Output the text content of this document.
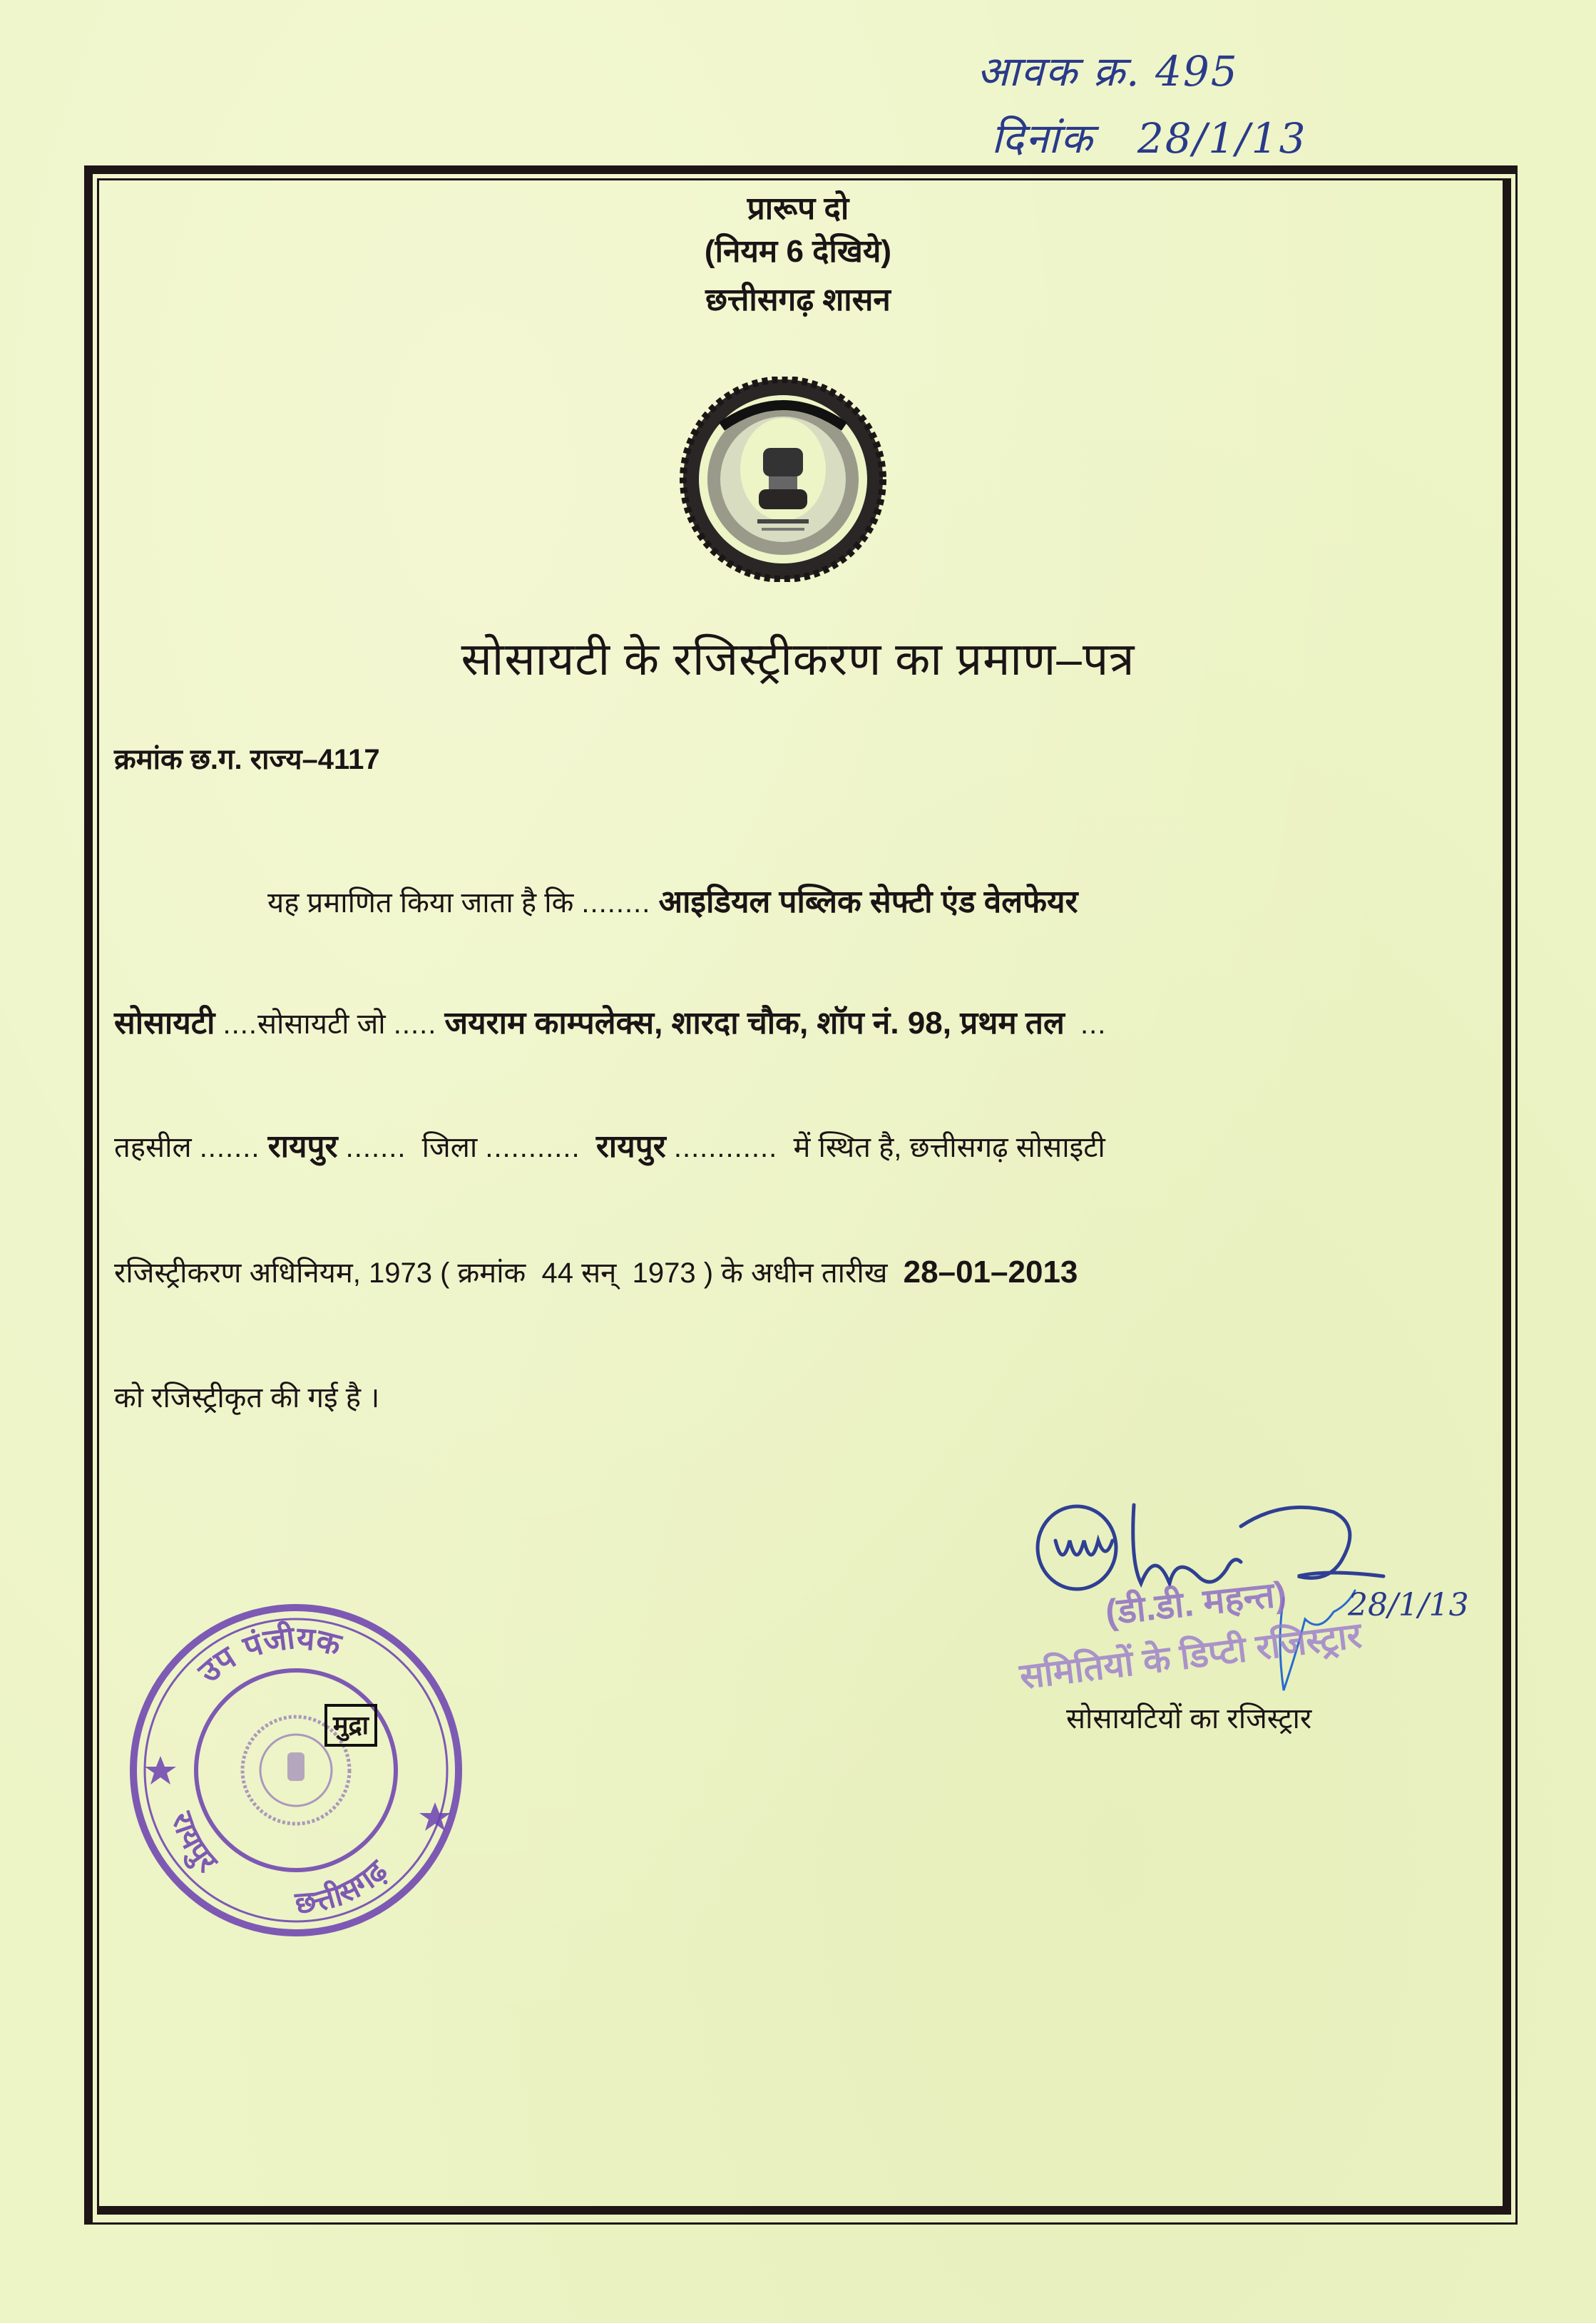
आवक क्र. 495
दिनांक 28/1/13
प्रारूप दो
(नियम 6 देखिये)
छत्तीसगढ़ शासन
सोसायटी के रजिस्ट्रीकरण का प्रमाण–पत्र
क्रमांक छ.ग. राज्य–4117
यह प्रमाणित किया जाता है कि ........ आइडियल पब्लिक सेफ्टी एंड वेलफेयर
सोसायटी ....सोसायटी जो ..... जयराम काम्पलेक्स, शारदा चौक, शॉप नं. 98, प्रथम तल ...
तहसील ....... रायपुर ....... जिला ........... रायपुर ............ में स्थित है, छत्तीसगढ़ सोसाइटी
रजिस्ट्रीकरण अधिनियम, 1973 ( क्रमांक 44 सन् 1973 ) के अधीन तारीख 28–01–2013
को रजिस्ट्रीकृत की गई है ।
उप पंजीयक
रायपुर
छत्तीसगढ़
मुद्रा
(डी.डी. महन्त) 28/1/13
समितियों के डिप्टी रजिस्ट्रार
सोसायटियों का रजिस्ट्रार
